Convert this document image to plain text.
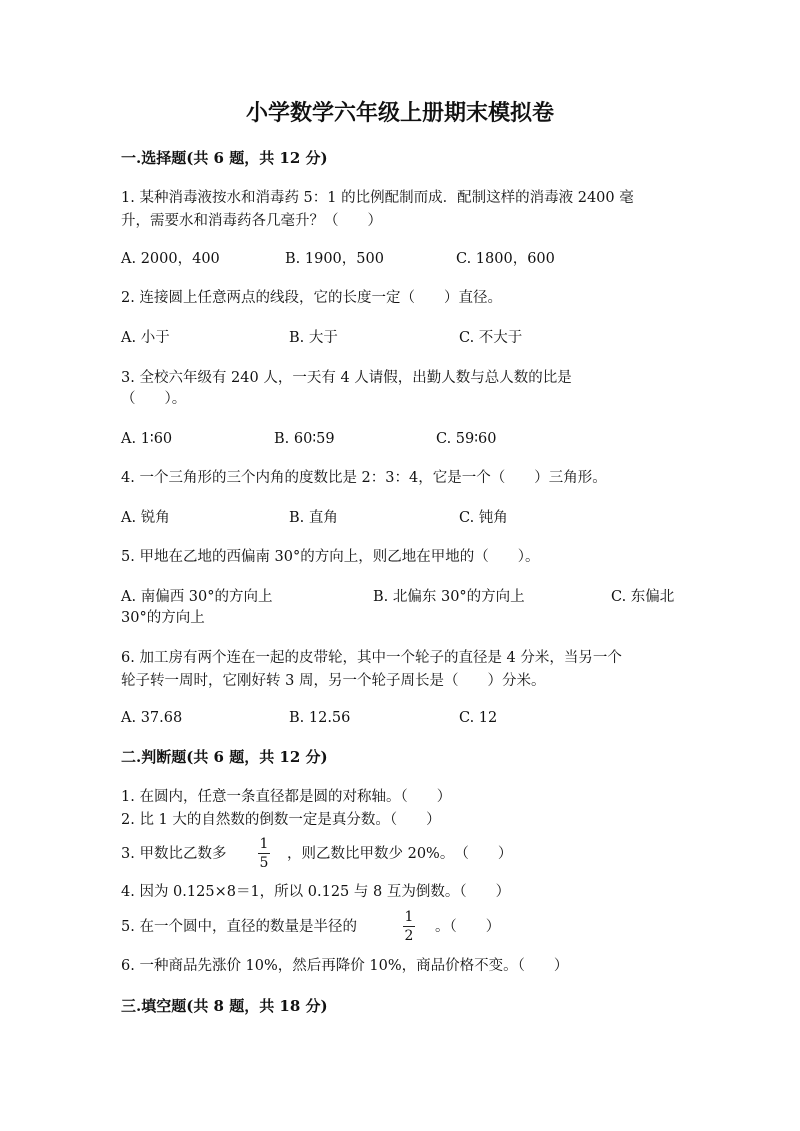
小学数学六年级上册期末模拟卷
一.选择题(共 6 题，共 12 分)
1. 某种消毒液按水和消毒药 5：1 的比例配制而成．配制这样的消毒液 2400 毫
升，需要水和消毒药各几毫升？（　　）
A. 2000，400	B. 1900，500	C. 1800，600
2. 连接圆上任意两点的线段，它的长度一定（　　）直径。
A. 小于	B. 大于	C. 不大于
3. 全校六年级有 240 人，一天有 4 人请假，出勤人数与总人数的比是
（　　）。
A. 1∶60	B. 60∶59	C. 59∶60
4. 一个三角形的三个内角的度数比是 2：3：4，它是一个（　　）三角形。
A. 锐角	B. 直角	C. 钝角
5. 甲地在乙地的西偏南 30°的方向上，则乙地在甲地的（　　）。
A. 南偏西 30°的方向上	B. 北偏东 30°的方向上	C. 东偏北
30°的方向上
6. 加工房有两个连在一起的皮带轮，其中一个轮子的直径是 4 分米，当另一个
轮子转一周时，它刚好转 3 周，另一个轮子周长是（　　）分米。
A. 37.68	B. 12.56	C. 12
二.判断题(共 6 题，共 12 分)
1. 在圆内，任意一条直径都是圆的对称轴。（　　）
2. 比 1 大的自然数的倒数一定是真分数。（　　）
3. 甲数比乙数多
1
5
，则乙数比甲数少 20%。　（　　）
4. 因为 0.125×8＝1，所以 0.125 与 8 互为倒数。（　　）
5. 在一个圆中，直径的数量是半径的
1
2
。（　　）
6. 一种商品先涨价 10%，然后再降价 10%，商品价格不变。（　　）
三.填空题(共 8 题，共 18 分)
